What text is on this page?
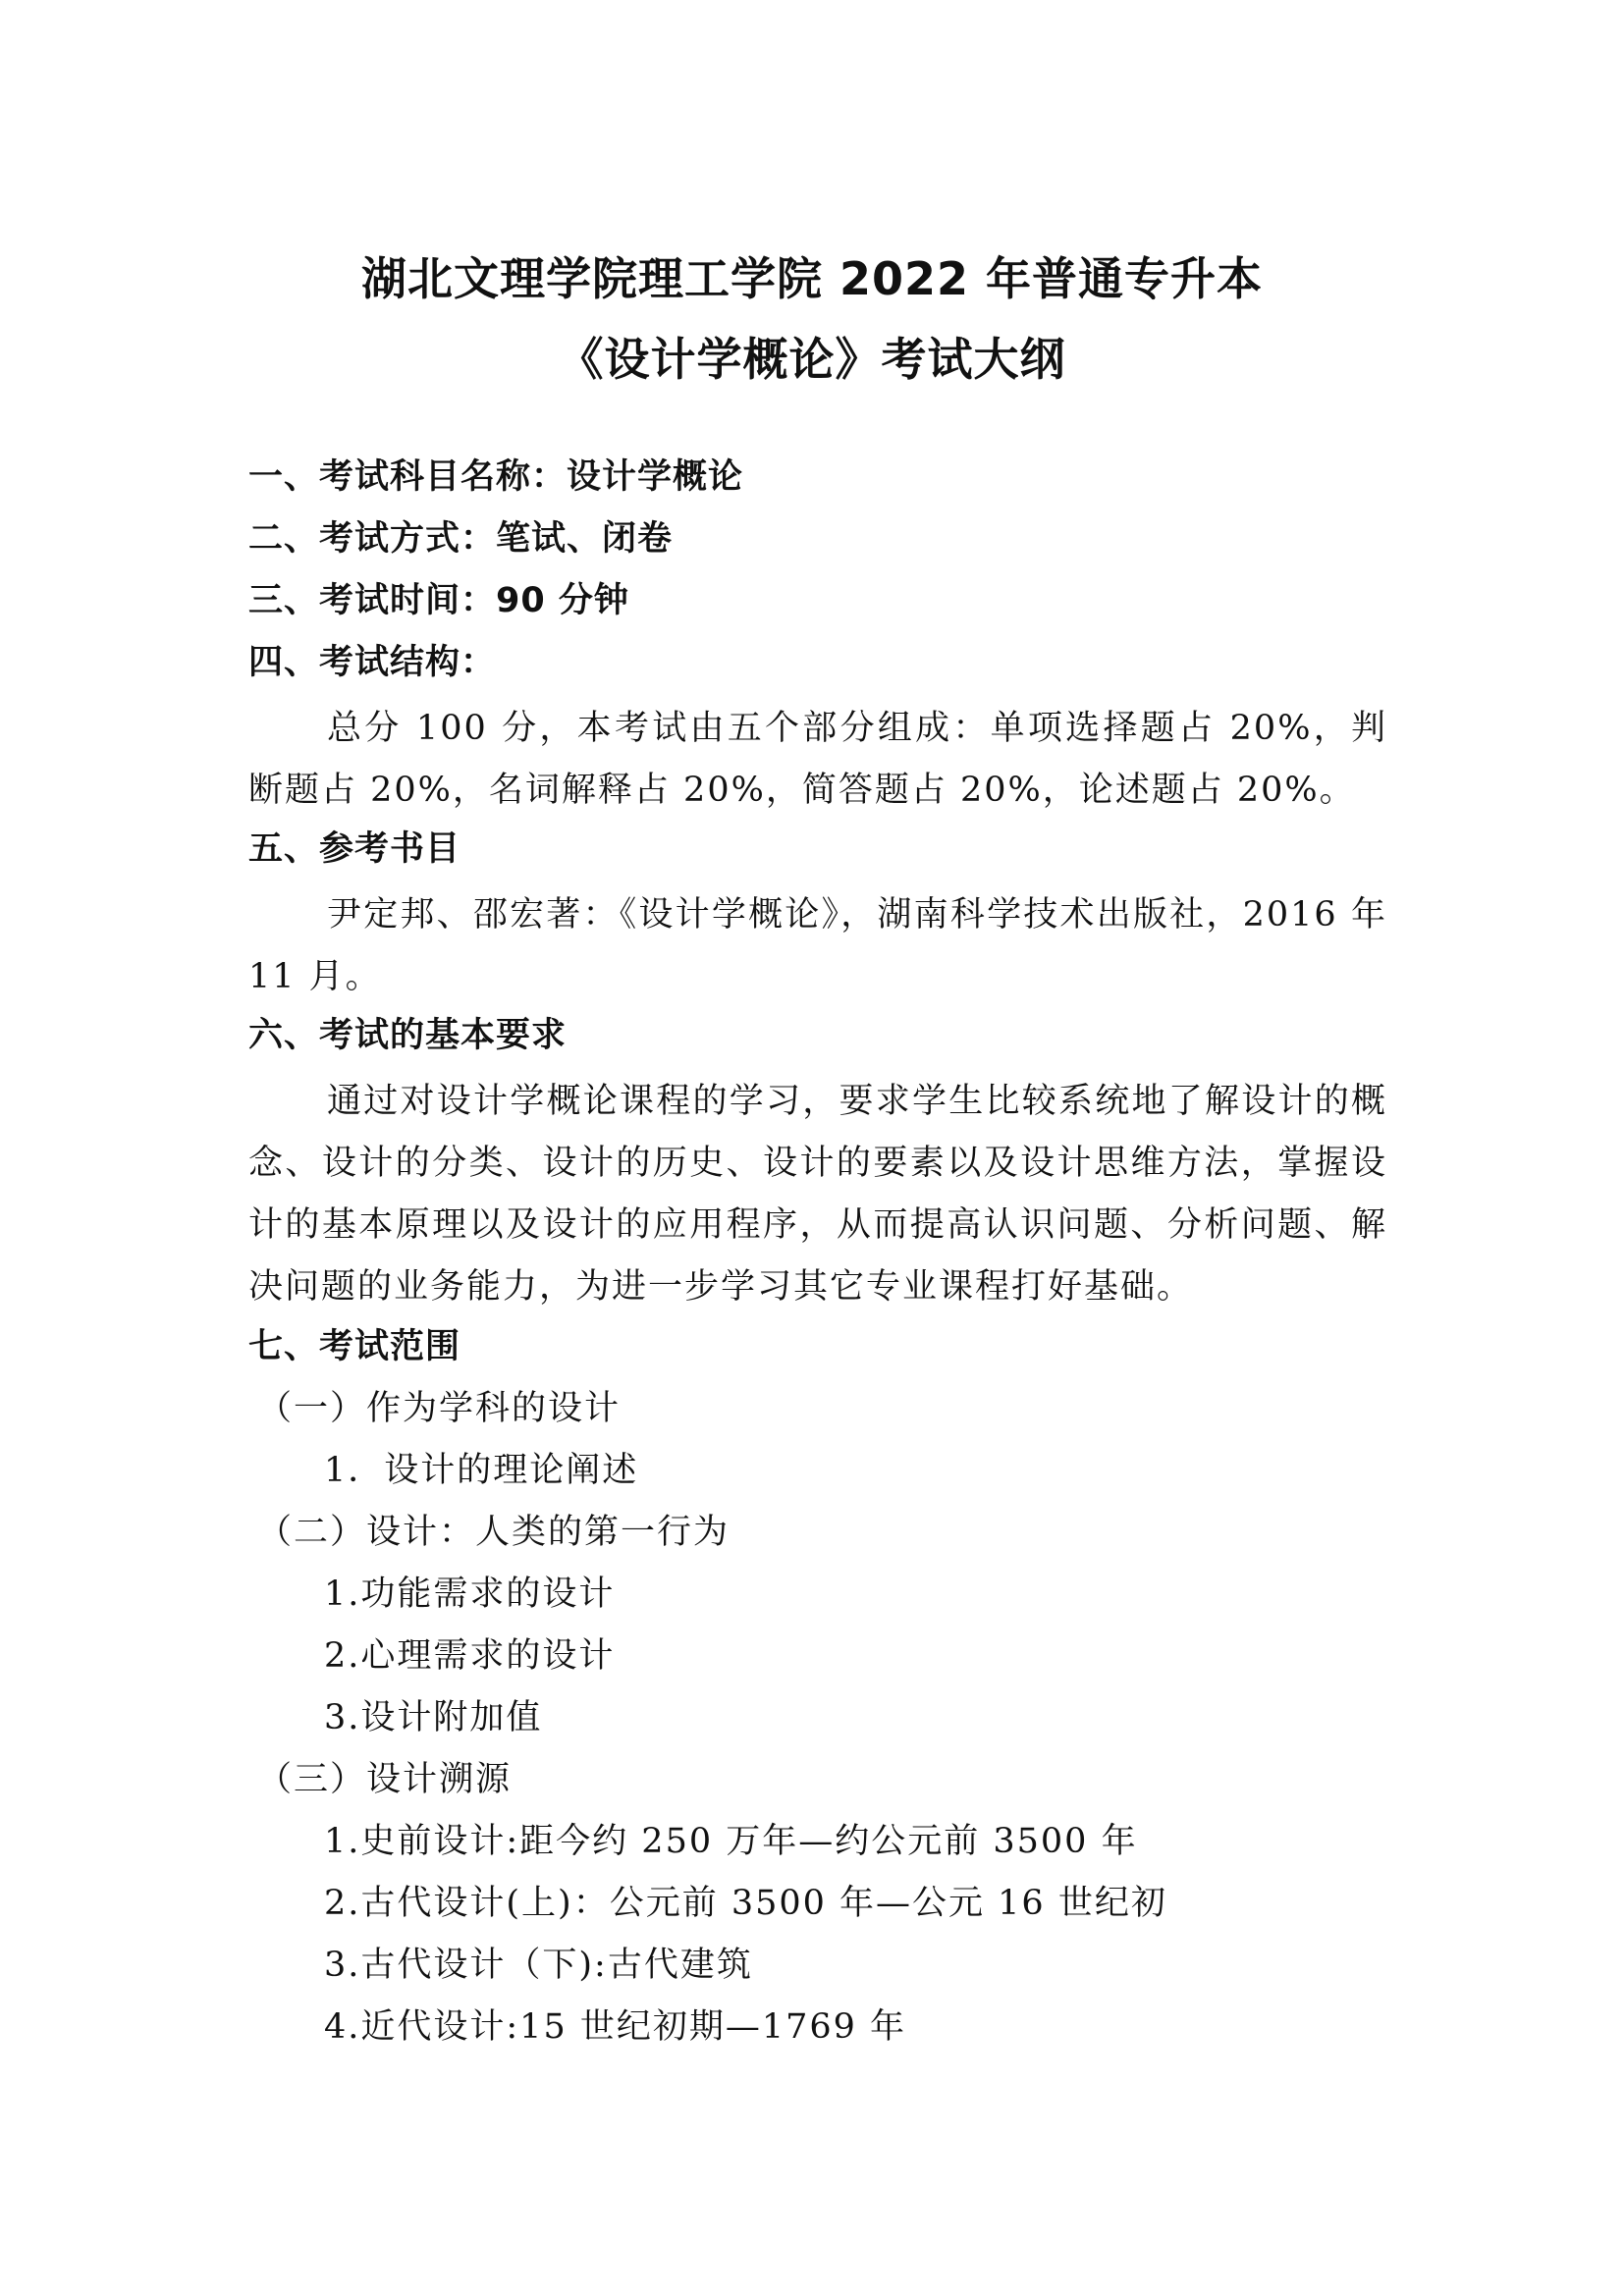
湖北文理学院理工学院 2022 年普通专升本
《设计学概论》考试大纲
一、考试科目名称：设计学概论
二、考试方式：笔试、闭卷
三、考试时间：90 分钟
四、考试结构：
总分 100 分，本考试由五个部分组成：单项选择题占 20%，判断题占 20%，名词解释占 20%，简答题占 20%，论述题占 20%。
五、参考书目
尹定邦、邵宏著：《设计学概论》，湖南科学技术出版社，2016 年 11 月。
六、考试的基本要求
通过对设计学概论课程的学习，要求学生比较系统地了解设计的概念、设计的分类、设计的历史、设计的要素以及设计思维方法，掌握设计的基本原理以及设计的应用程序，从而提高认识问题、分析问题、解决问题的业务能力，为进一步学习其它专业课程打好基础。
七、考试范围
（一）作为学科的设计
1．设计的理论阐述
（二）设计：人类的第一行为
1.功能需求的设计
2.心理需求的设计
3.设计附加值
（三）设计溯源
1.史前设计:距今约 250 万年—约公元前 3500 年
2.古代设计(上)：公元前 3500 年—公元 16 世纪初
3.古代设计（下):古代建筑
4.近代设计:15 世纪初期—1769 年
